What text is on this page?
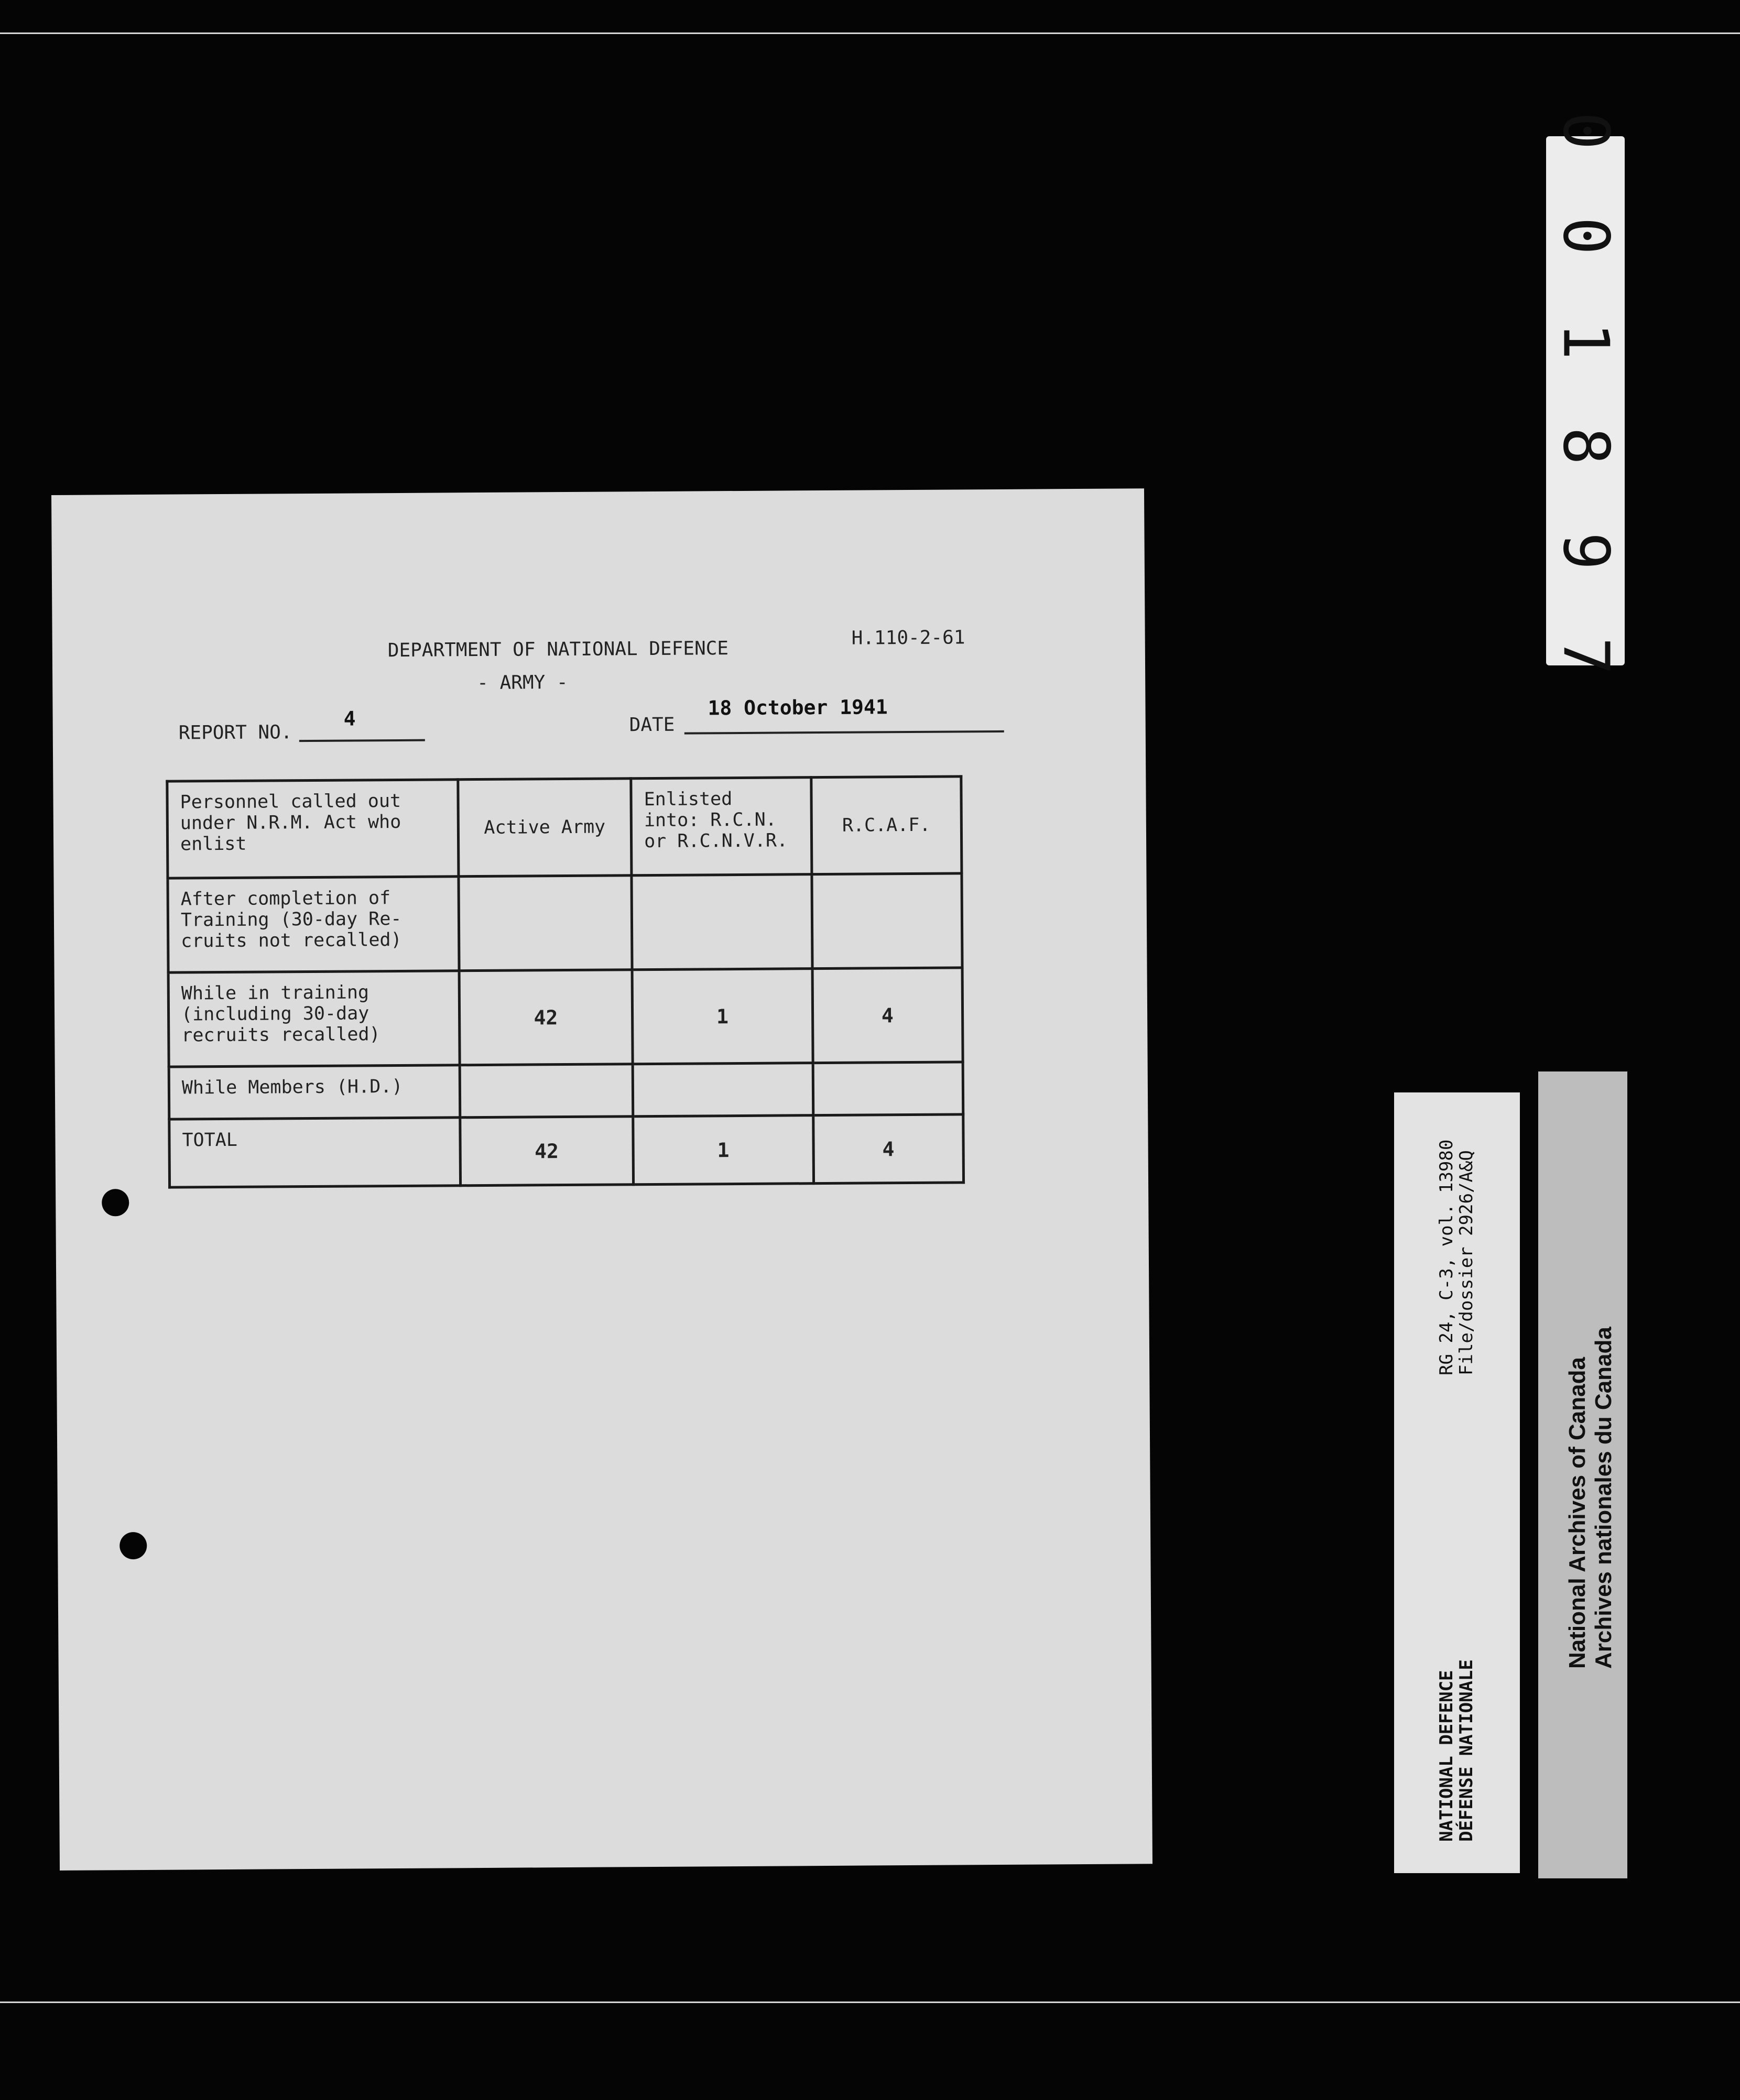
0 0 1 8 9 7
DEPARTMENT OF NATIONAL DEFENCE	H.110-2-61
- ARMY -
REPORT NO.
4	DATE
18 October 1941
Personnel called out under N.R.M. Act who enlist	Active Army	Enlisted into: R.C.N. or R.C.N.V.R.	R.C.A.F.
After completion of Training (30-day Re- cruits not recalled)			
While in training (including 30-day recruits recalled)	42	1	4
While Members (H.D.)			
TOTAL	42	1	4
NATIONAL DEFENCE
DÉFENSE NATIONALE
RG 24, C-3, vol. 13980
File/dossier 2926/A&Q
National Archives of Canada Archives nationales du Canada
